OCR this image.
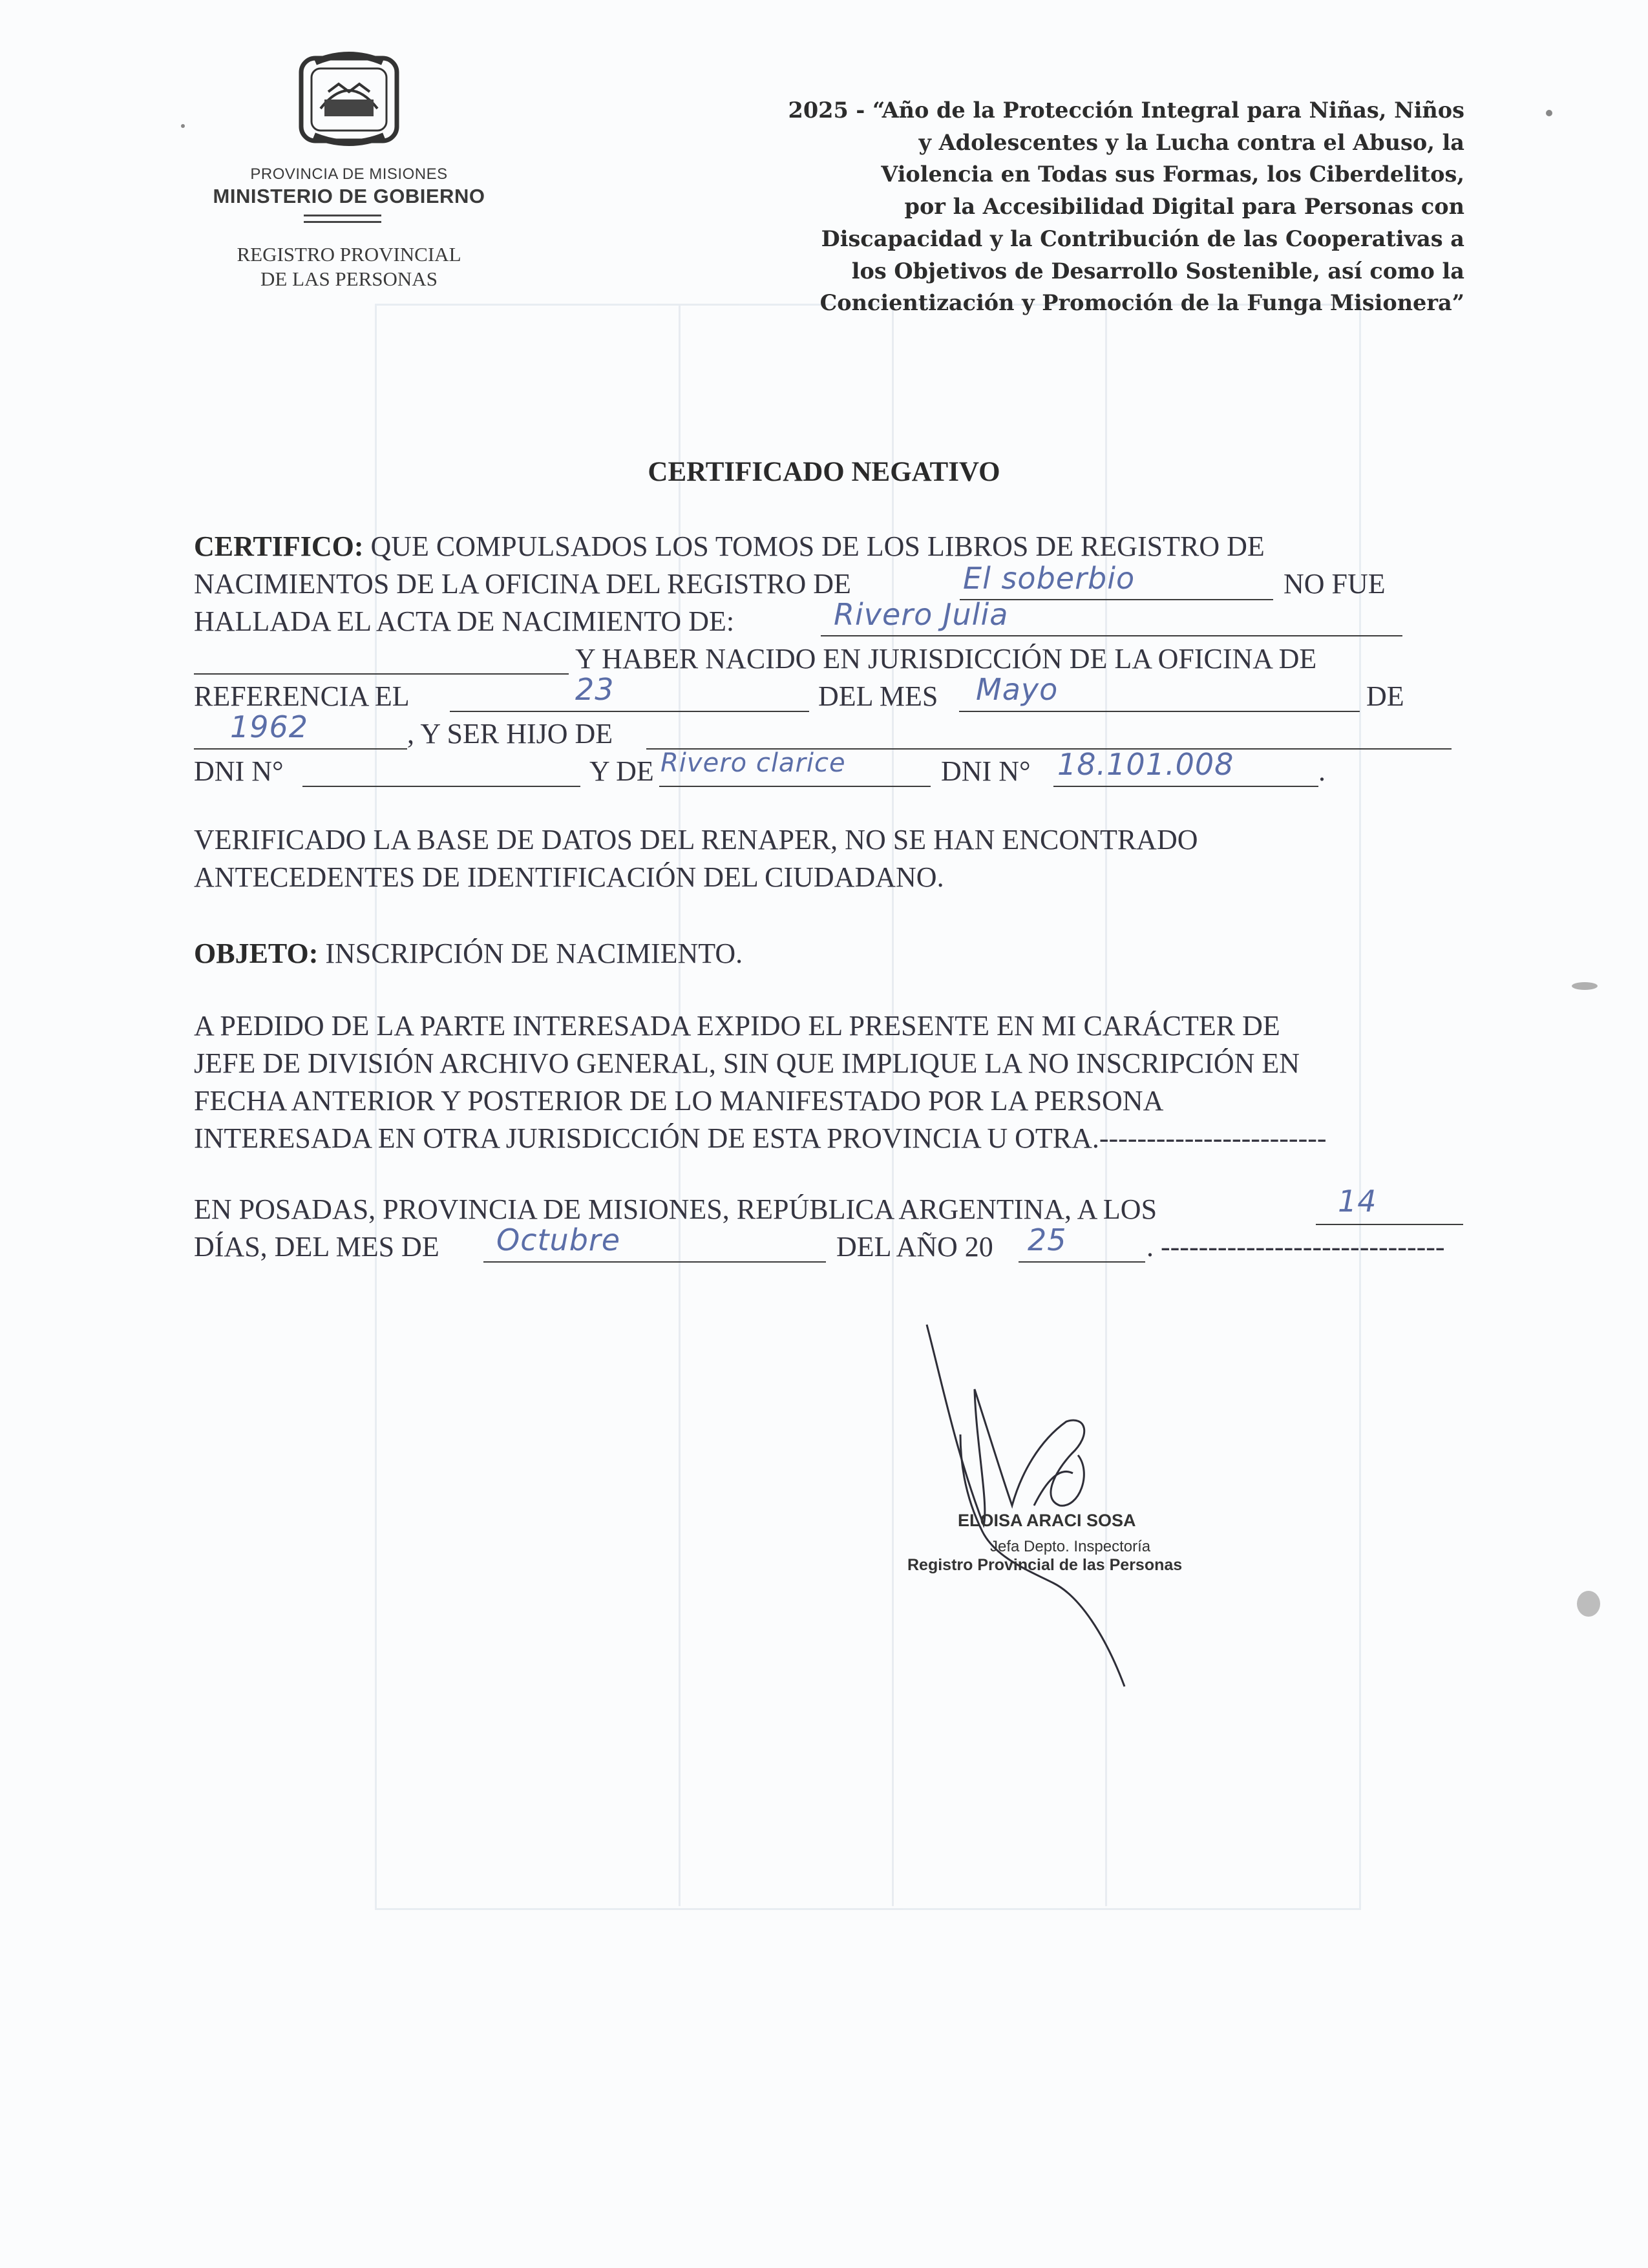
PROVINCIA DE MISIONES
MINISTERIO DE GOBIERNO
REGISTRO PROVINCIAL
DE LAS PERSONAS
2025 - “Año de la Protección Integral para Niñas, Niños
y Adolescentes y la Lucha contra el Abuso, la
Violencia en Todas sus Formas, los Ciberdelitos,
por la Accesibilidad Digital para Personas con
Discapacidad y la Contribución de las Cooperativas a
los Objetivos de Desarrollo Sostenible, así como la
Concientización y Promoción de la Funga Misionera”
CERTIFICADO NEGATIVO
CERTIFICO: QUE COMPULSADOS LOS TOMOS DE LOS LIBROS DE REGISTRO DE
NACIMIENTOS DE LA OFICINA DEL REGISTRO DE	El soberbio	NO FUE
HALLADA EL ACTA DE NACIMIENTO DE:	Rivero Julia
Y HABER NACIDO EN JURISDICCIÓN DE LA OFICINA DE
REFERENCIA EL	23	DEL MES Mayo	DE
1962	, Y SER HIJO DE
DNI N°	Y DE Rivero clarice	DNI N° 18.101.008	.
VERIFICADO LA BASE DE DATOS DEL RENAPER, NO SE HAN ENCONTRADO
ANTECEDENTES DE IDENTIFICACIÓN DEL CIUDADANO.
OBJETO: INSCRIPCIÓN DE NACIMIENTO.
A PEDIDO DE LA PARTE INTERESADA EXPIDO EL PRESENTE EN MI CARÁCTER DE
JEFE DE DIVISIÓN ARCHIVO GENERAL, SIN QUE IMPLIQUE LA NO INSCRIPCIÓN EN
FECHA ANTERIOR Y POSTERIOR DE LO MANIFESTADO POR LA PERSONA
INTERESADA EN OTRA JURISDICCIÓN DE ESTA PROVINCIA U OTRA.------------------------
EN POSADAS, PROVINCIA DE MISIONES, REPÚBLICA ARGENTINA, A LOS	14
DÍAS, DEL MES DE Octubre	DEL AÑO 20 25	. ------------------------------
ELOISA ARACI SOSA
Jefa Depto. Inspectoría
Registro Provincial de las Personas
